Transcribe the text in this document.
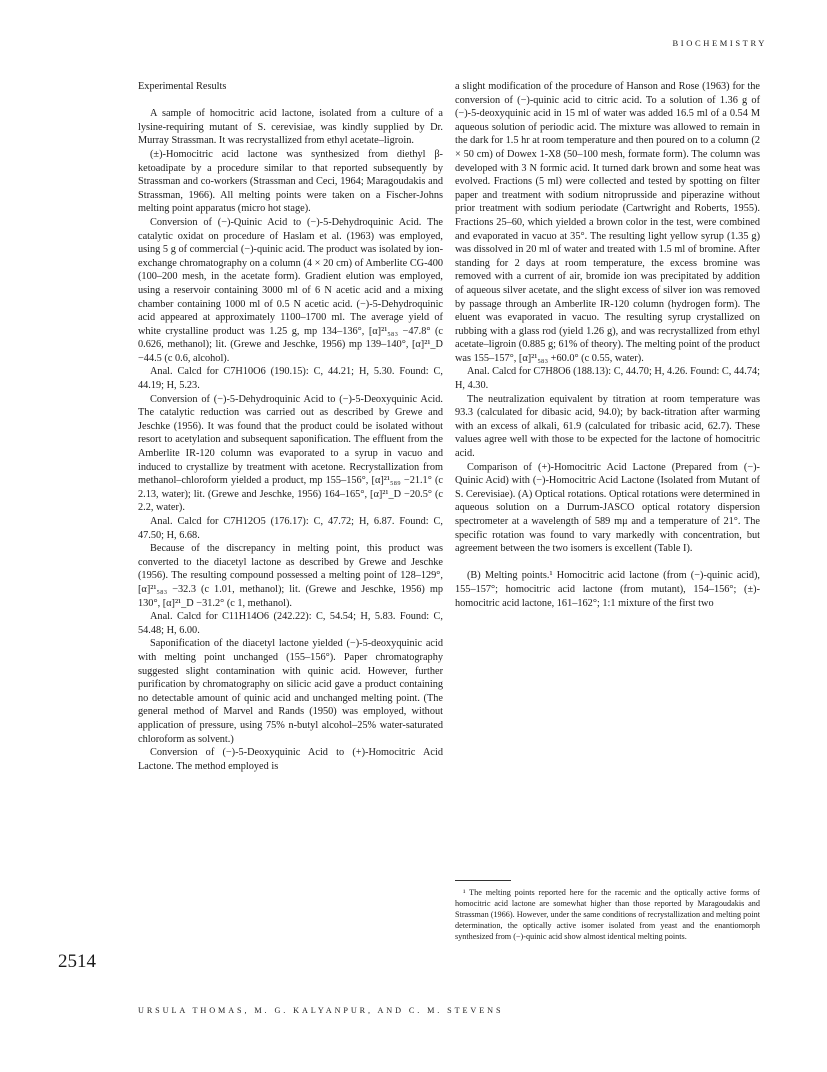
BIOCHEMISTRY
Experimental Results

A sample of homocitric acid lactone, isolated from a culture of a lysine-requiring mutant of S. cerevisiae, was kindly supplied by Dr. Murray Strassman. It was recrystallized from ethyl acetate–ligroin.

(±)-Homocitric acid lactone was synthesized from diethyl β-ketoadipate by a procedure similar to that reported subsequently by Strassman and co-workers (Strassman and Ceci, 1964; Maragoudakis and Strassman, 1966). All melting points were taken on a Fischer-Johns melting point apparatus (micro hot stage).

Conversion of (−)-Quinic Acid to (−)-5-Dehydroquinic Acid. The catalytic oxidat on procedure of Haslam et al. (1963) was employed, using 5 g of commercial (−)-quinic acid. The product was isolated by ion-exchange chromatography on a column (4 × 20 cm) of Amberlite CG-400 (100–200 mesh, in the acetate form). Gradient elution was employed, using a reservoir containing 3000 ml of 6 N acetic acid and a mixing chamber containing 1000 ml of 0.5 N acetic acid. (−)-5-Dehydroquinic acid appeared at approximately 1100–1700 ml. The average yield of white crystalline product was 1.25 g, mp 134–136°, [α]²¹₅₈₃ −47.8° (c 0.626, methanol); lit. (Grewe and Jeschke, 1956) mp 139–140°, [α]²¹_D −44.5 (c 0.6, alcohol).

Anal. Calcd for C7H10O6 (190.15): C, 44.21; H, 5.30. Found: C, 44.19; H, 5.23.

Conversion of (−)-5-Dehydroquinic Acid to (−)-5-Deoxyquinic Acid. The catalytic reduction was carried out as described by Grewe and Jeschke (1956). It was found that the product could be isolated without resort to acetylation and subsequent saponification. The effluent from the Amberlite IR-120 column was evaporated to a syrup in vacuo and induced to crystallize by treatment with acetone. Recrystallization from methanol–chloroform yielded a product, mp 155–156°, [α]²¹₅₈₉ −21.1° (c 2.13, water); lit. (Grewe and Jeschke, 1956) 164–165°, [α]²¹_D −20.5° (c 2.2, water).

Anal. Calcd for C7H12O5 (176.17): C, 47.72; H, 6.87. Found: C, 47.50; H, 6.68.

Because of the discrepancy in melting point, this product was converted to the diacetyl lactone as described by Grewe and Jeschke (1956). The resulting compound possessed a melting point of 128–129°, [α]²¹₅₈₃ −32.3 (c 1.01, methanol); lit. (Grewe and Jeschke, 1956) mp 130°, [α]²¹_D −31.2° (c 1, methanol).

Anal. Calcd for C11H14O6 (242.22): C, 54.54; H, 5.83. Found: C, 54.48; H, 6.00.

Saponification of the diacetyl lactone yielded (−)-5-deoxyquinic acid with melting point unchanged (155–156°). Paper chromatography suggested slight contamination with quinic acid. However, further purification by chromatography on silicic acid gave a product containing no detectable amount of quinic acid and unchanged melting point. (The general method of Marvel and Rands (1950) was employed, without application of pressure, using 75% n-butyl alcohol–25% water-saturated chloroform as solvent.)

Conversion of (−)-5-Deoxyquinic Acid to (+)-Homocitric Acid Lactone. The method employed is

a slight modification of the procedure of Hanson and Rose (1963) for the conversion of (−)-quinic acid to citric acid. To a solution of 1.36 g of (−)-5-deoxyquinic acid in 15 ml of water was added 16.5 ml of a 0.54 M aqueous solution of periodic acid. The mixture was allowed to remain in the dark for 1.5 hr at room temperature and then poured on to a column (2 × 50 cm) of Dowex 1-X8 (50–100 mesh, formate form). The column was developed with 3 N formic acid. It turned dark brown and some heat was evolved. Fractions (5 ml) were collected and tested by spotting on filter paper and treatment with sodium nitroprusside and piperazine without prior treatment with sodium periodate (Cartwright and Roberts, 1955). Fractions 25–60, which yielded a brown color in the test, were combined and evaporated in vacuo at 35°. The resulting light yellow syrup (1.35 g) was dissolved in 20 ml of water and treated with 1.5 ml of bromine. After standing for 2 days at room temperature, the excess bromine was removed with a current of air, bromide ion was precipitated by addition of aqueous silver acetate, and the slight excess of silver ion was removed by passage through an Amberlite IR-120 column (hydrogen form). The eluent was evaporated in vacuo. The resulting syrup crystallized on rubbing with a glass rod (yield 1.26 g), and was recrystallized from ethyl acetate–ligroin (0.885 g; 61% of theory). The melting point of the product was 155–157°, [α]²¹₅₈₃ +60.0° (c 0.55, water).

Anal. Calcd for C7H8O6 (188.13): C, 44.70; H, 4.26. Found: C, 44.74; H, 4.30.

The neutralization equivalent by titration at room temperature was 93.3 (calculated for dibasic acid, 94.0); by back-titration after warming with an excess of alkali, 61.9 (calculated for tribasic acid, 62.7). These values agree well with those to be expected for the lactone of homocitric acid.

Comparison of (+)-Homocitric Acid Lactone (Prepared from (−)-Quinic Acid) with (−)-Homocitric Acid Lactone (Isolated from Mutant of S. Cerevisiae). (A) Optical rotations. Optical rotations were determined in aqueous solution on a Durrum-JASCO optical rotatory dispersion spectrometer at a wavelength of 589 mμ and a temperature of 21°. The specific rotation was found to vary markedly with concentration, but agreement between the two isomers is excellent (Table I).

(B) Melting points.¹ Homocitric acid lactone (from (−)-quinic acid), 155–157°; homocitric acid lactone (from mutant), 154–156°; (±)-homocitric acid lactone, 161–162°; 1:1 mixture of the first two

¹ The melting points reported here for the racemic and the optically active forms of homocitric acid lactone are somewhat higher than those reported by Maragoudakis and Strassman (1966). However, under the same conditions of recrystallization and melting point determination, the optically active isomer isolated from yeast and the enantiomorph synthesized from (−)-quinic acid show almost identical melting points.

2514
URSULA THOMAS, M. G. KALYANPUR, AND C. M. STEVENS
